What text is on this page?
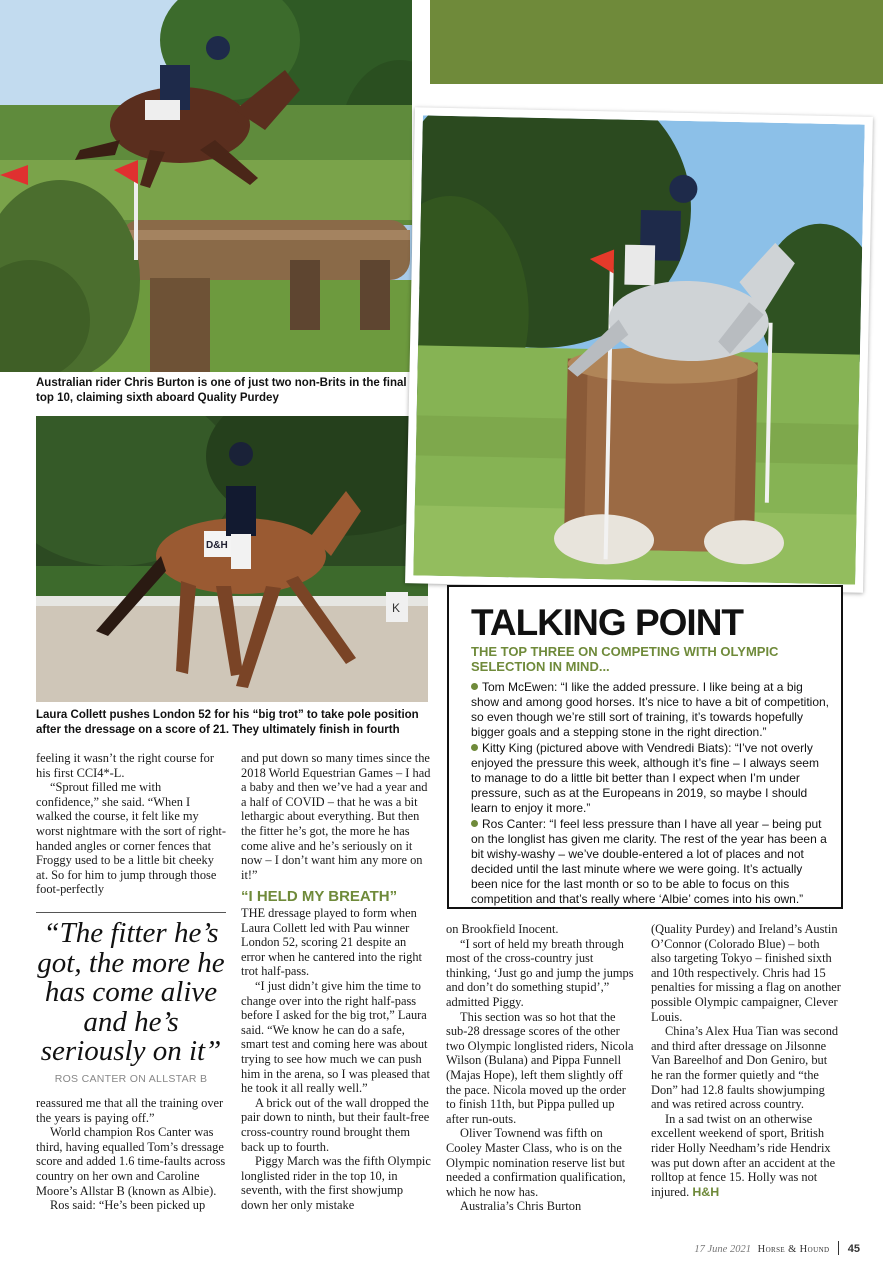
Australian rider Chris Burton is one of just two non-Brits in the final top 10, claiming sixth aboard Quality Purdey
K
D&H
Laura Collett pushes London 52 for his “big trot” to take pole position after the dressage on a score of 21. They ultimately finish in fourth
TALKING POINT
THE TOP THREE ON COMPETING WITH OLYMPIC SELECTION IN MIND...
Tom McEwen: “I like the added pressure. I like being at a big show and among good horses. It’s nice to have a bit of competition, so even though we’re still sort of training, it’s towards hopefully bigger goals and a stepping stone in the right direction.”
Kitty King (pictured above with Vendredi Biats): “I’ve not overly enjoyed the pressure this week, although it’s fine – I always seem to manage to do a little bit better than I expect when I’m under pressure, such as at the Europeans in 2019, so maybe I should learn to enjoy it more.”
Ros Canter: “I feel less pressure than I have all year – being put on the longlist has given me clarity. The rest of the year has been a bit wishy-washy – we’ve double-entered a lot of places and not decided until the last minute where we were going. It’s actually been nice for the last month or so to be able to focus on this competition and that’s really where ‘Albie’ comes into his own.”

feeling it wasn’t the right course for his first CCI4*-L.

“Sprout filled me with confidence,” she said. “When I walked the course, it felt like my worst nightmare with the sort of right-handed angles or corner fences that Froggy used to be a little bit cheeky at. So for him to jump through those foot-perfectly

“The fitter he’s got, the more he has come alive and he’s seriously on it”
ROS CANTER ON ALLSTAR B

reassured me that all the training over the years is paying off.”

World champion Ros Canter was third, having equalled Tom’s dressage score and added 1.6 time-faults across country on her own and Caroline Moore’s Allstar B (known as Albie).

Ros said: “He’s been picked up

and put down so many times since the 2018 World Equestrian Games – I had a baby and then we’ve had a year and a half of COVID – that he was a bit lethargic about everything. But then the fitter he’s got, the more he has come alive and he’s seriously on it now – I don’t want him any more on it!”

“I HELD MY BREATH”

THE dressage played to form when Laura Collett led with Pau winner London 52, scoring 21 despite an error when he cantered into the right trot half-pass.

“I just didn’t give him the time to change over into the right half-pass before I asked for the big trot,” Laura said. “We know he can do a safe, smart test and coming here was about trying to see how much we can push him in the arena, so I was pleased that he took it all really well.”

A brick out of the wall dropped the pair down to ninth, but their fault-free cross-country round brought them back up to fourth.

Piggy March was the fifth Olympic longlisted rider in the top 10, in seventh, with the first showjump down her only mistake

on Brookfield Inocent.

“I sort of held my breath through most of the cross-country just thinking, ‘Just go and jump the jumps and don’t do something stupid’,” admitted Piggy.

This section was so hot that the sub-28 dressage scores of the other two Olympic longlisted riders, Nicola Wilson (Bulana) and Pippa Funnell (Majas Hope), left them slightly off the pace. Nicola moved up the order to finish 11th, but Pippa pulled up after run-outs.

Oliver Townend was fifth on Cooley Master Class, who is on the Olympic nomination reserve list but needed a confirmation qualification, which he now has.

Australia’s Chris Burton

(Quality Purdey) and Ireland’s Austin O’Connor (Colorado Blue) – both also targeting Tokyo – finished sixth and 10th respectively. Chris had 15 penalties for missing a flag on another possible Olympic campaigner, Clever Louis.

China’s Alex Hua Tian was second and third after dressage on Jilsonne Van Bareelhof and Don Geniro, but he ran the former quietly and “the Don” had 12.8 faults showjumping and was retired across country.

In a sad twist on an otherwise excellent weekend of sport, British rider Holly Needham’s ride Hendrix was put down after an accident at the rolltop at fence 15. Holly was not injured. H&H

17 June 2021 Horse & Hound 45
